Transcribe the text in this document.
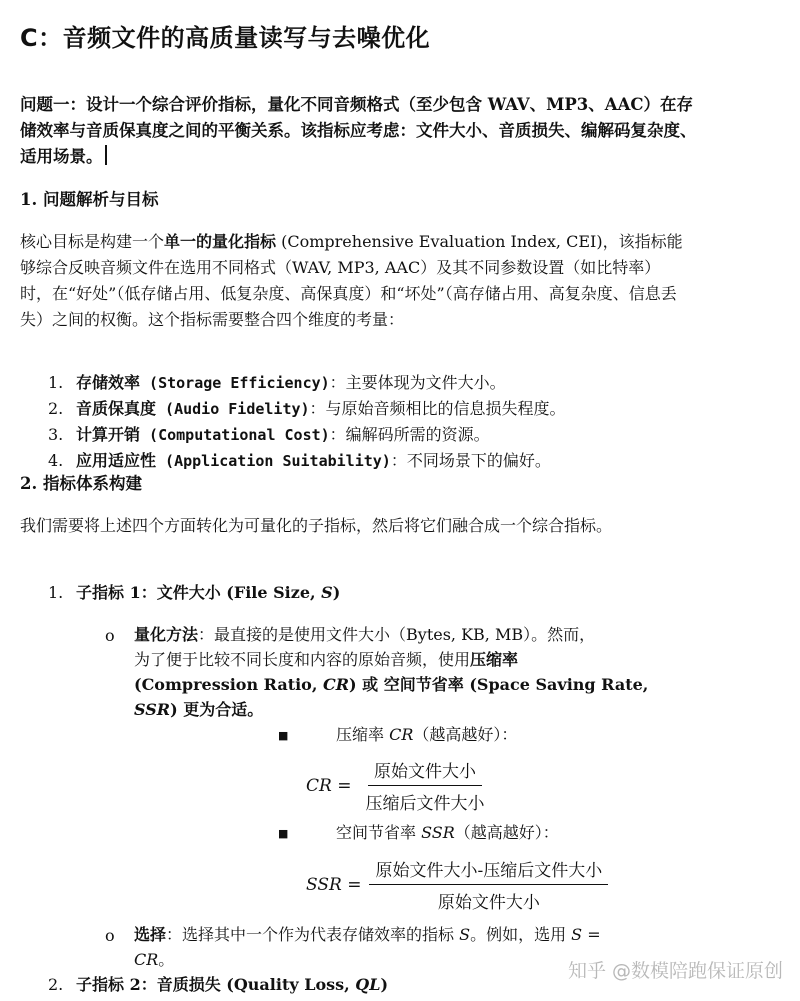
C：音频文件的高质量读写与去噪优化
问题一：设计一个综合评价指标，量化不同音频格式（至少包含 WAV、MP3、AAC）在存储效率与音质保真度之间的平衡关系。该指标应考虑：文件大小、音质损失、编解码复杂度、适用场景。
1. 问题解析与目标
核心目标是构建一个单一的量化指标 (Comprehensive Evaluation Index, CEI)，该指标能够综合反映音频文件在选用不同格式（WAV, MP3, AAC）及其不同参数设置（如比特率）时，在“好处”（低存储占用、低复杂度、高保真度）和“坏处”（高存储占用、高复杂度、信息丢失）之间的权衡。这个指标需要整合四个维度的考量：
1. 存储效率 (Storage Efficiency)：主要体现为文件大小。
2. 音质保真度 (Audio Fidelity)：与原始音频相比的信息损失程度。
3. 计算开销 (Computational Cost)：编解码所需的资源。
4. 应用适应性 (Application Suitability)：不同场景下的偏好。
2. 指标体系构建
我们需要将上述四个方面转化为可量化的子指标，然后将它们融合成一个综合指标。
1. 子指标 1：文件大小 (File Size, S)
o 量化方法：最直接的是使用文件大小（Bytes, KB, MB）。然而，
为了便于比较不同长度和内容的原始音频，使用压缩率
(Compression Ratio, CR) 或 空间节省率 (Space Saving Rate,
SSR) 更为合适。
■	压缩率 CR（越高越好）：
CR =
原始文件大小
压缩后文件大小
■	空间节省率 SSR（越高越好）：
SSR =
原始文件大小-压缩后文件大小
原始文件大小
o 选择：选择其中一个作为代表存储效率的指标 S。例如，选用 S =
CR。
2. 子指标 2：音质损失 (Quality Loss, QL)
知乎 @数模陪跑保证原创
